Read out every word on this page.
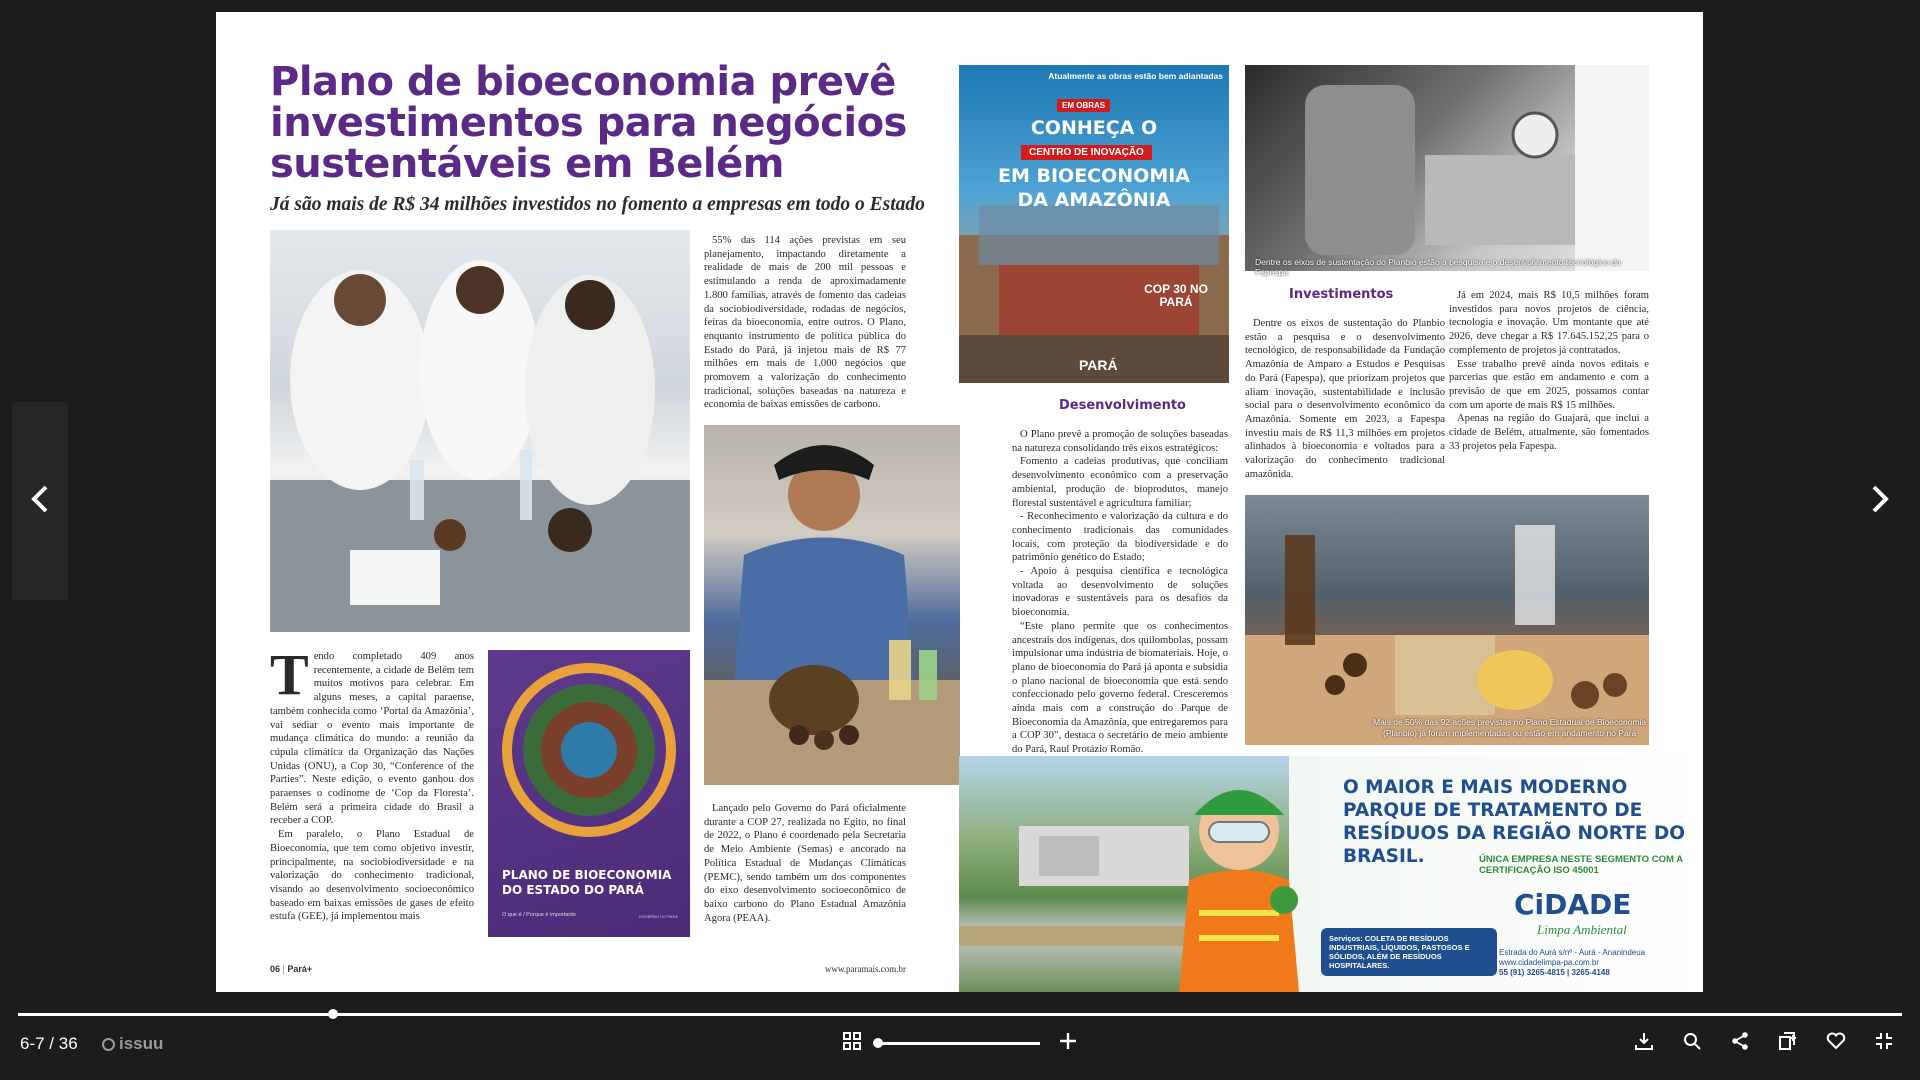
Plano de bioeconomia prevê investimentos para negócios sustentáveis em Belém
Já são mais de R$ 34 milhões investidos no fomento a empresas em todo o Estado

55% das 114 ações previstas em seu planejamento, impactando diretamente a realidade de mais de 200 mil pessoas e estimulando a renda de aproximadamente 1.800 famílias, através de fomento das cadeias da sociobiodiversidade, rodadas de negócios, feiras da bioeconomia, entre outros. O Plano, enquanto instrumento de política pública do Estado do Pará, já injetou mais de R$ 77 milhões em mais de 1.000 negócios que promovem a valorização do conhecimento tradicional, soluções baseadas na natureza e economia de baixas emissões de carbono.

T endo completado 409 anos recentemente, a cidade de Belém tem muitos motivos para celebrar. Em alguns meses, a capital paraense, também conhecida como ‘Portal da Amazônia’, vai sediar o evento mais importante de mudança climática do mundo: a reunião da cúpula climática da Organização das Nações Unidas (ONU), a Cop 30, “Conference of the Parties”. Neste edição, o evento ganhou dos paraenses o codinome de ‘Cop da Floresta’. Belém será a primeira cidade do Brasil a receber a COP.

Em paralelo, o Plano Estadual de Bioeconomia, que tem como objetivo investir, principalmente, na sociobiodiversidade e na valorização do conhecimento tradicional, visando ao desenvolvimento socioeconômico baseado em baixas emissões de gases de efeito estufa (GEE), já implementou mais

PLANO DE BIOECONOMIA DO ESTADO DO PARÁ

O que é / Porque é importante	GOVERNO DO PARÁ

Lançado pelo Governo do Pará oficialmente durante a COP 27, realizada no Egito, no final de 2022, o Plano é coordenado pela Secretaria de Meio Ambiente (Semas) e ancorado na Política Estadual de Mudanças Climáticas (PEMC), sendo também um dos componentes do eixo desenvolvimento socioeconômico de baixo carbono do Plano Estadual Amazônia Agora (PEAA).

06 | Pará+	www.paramais.com.br
Atualmente as obras estão bem adiantadas
EM OBRAS
CONHEÇA O
CENTRO DE INOVAÇÃO
EM BIOECONOMIA
DA AMAZÔNIA
COP 30 NO PARÁ
PARÁ
Dentre os eixos de sustentação do Planbio estão a pesquisa e o desenvolvimento tecnológico da Fapespa
Investimentos

Dentre os eixos de sustentação do Planbio estão a pesquisa e o desenvolvimento tecnológico, de responsabilidade da Fundação Amazônia de Amparo a Estudos e Pesquisas do Pará (Fapespa), que priorizam projetos que aliam inovação, sustentabilidade e inclusão social para o desenvolvimento econômico da Amazônia. Somente em 2023, a Fapespa investiu mais de R$ 11,3 milhões em projetos alinhados à bioeconomia e voltados para a valorização do conhecimento tradicional amazônida.

Já em 2024, mais R$ 10,5 milhões foram investidos para novos projetos de ciência, tecnologia e inovação. Um montante que até 2026, deve chegar a R$ 17.645.152,25 para o complemento de projetos já contratados.

Esse trabalho prevê ainda novos editais e parcerias que estão em andamento e com a previsão de que em 2025, possamos contar com um aporte de mais R$ 15 milhões.

Apenas na região do Guajará, que inclui a cidade de Belém, atualmente, são fomentados 33 projetos pela Fapespa.

Desenvolvimento

O Plano prevê a promoção de soluções baseadas na natureza consolidando três eixos estratégicos:

Fomento a cadeias produtivas, que conciliam desenvolvimento econômico com a preservação ambiental, produção de bioprodutos, manejo florestal sustentável e agricultura familiar;

- Reconhecimento e valorização da cultura e do conhecimento tradicionais das comunidades locais, com proteção da biodiversidade e do patrimônio genético do Estado;

- Apoio à pesquisa científica e tecnológica voltada ao desenvolvimento de soluções inovadoras e sustentáveis para os desafios da bioeconomia.

“Este plano permite que os conhecimentos ancestrais dos indígenas, dos quilombolas, possam impulsionar uma indústria de biomateriais. Hoje, o plano de bioeconomia do Pará já aponta e subsidia o plano nacional de bioeconomia que está sendo confeccionado pelo governo federal. Cresceremos ainda mais com a construção do Parque de Bioeconomia da Amazônia, que entregaremos para a COP 30”, destaca o secretário de meio ambiente do Pará, Raul Protázio Romão.

Mais de 50% das 92 ações previstas no Plano Estadual de Bioeconomia
(Planbio) já foram implementadas ou estão em andamento no Pará

O MAIOR E MAIS MODERNO PARQUE DE TRATAMENTO DE RESÍDUOS DA REGIÃO NORTE DO BRASIL.	ÚNICA EMPRESA NESTE SEGMENTO COM A CERTIFICAÇÃO ISO 45001
CiDADE
Limpa Ambiental
Serviços: COLETA DE RESÍDUOS INDUSTRIAIS, LÍQUIDOS, PASTOSOS E SÓLIDOS, ALÉM DE RESÍDUOS HOSPITALARES.
Estrada do Aurá s/nº - Aurá - Ananindeua
www.cidadelimpa-pa.com.br
55 (91) 3265-4815 | 3265-4148
6-7 / 36 issuu
